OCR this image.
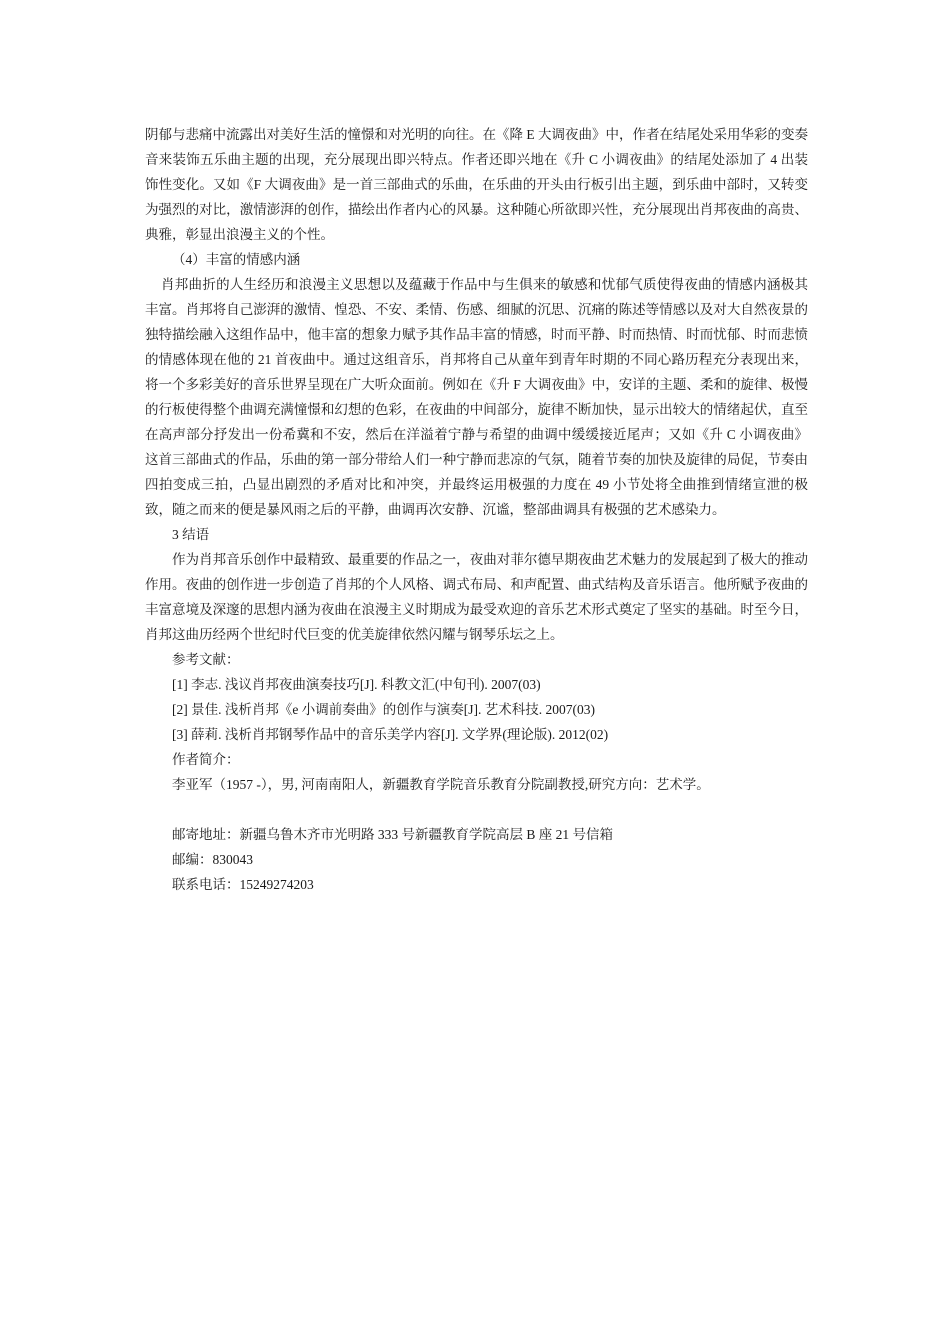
阴郁与悲痛中流露出对美好生活的憧憬和对光明的向往。在《降 E 大调夜曲》中，作者在结尾处采用华彩的变奏音来装饰五乐曲主题的出现，充分展现出即兴特点。作者还即兴地在《升 C 小调夜曲》的结尾处添加了 4 出装饰性变化。又如《F 大调夜曲》是一首三部曲式的乐曲，在乐曲的开头由行板引出主题，到乐曲中部时，又转变为强烈的对比，激情澎湃的创作，描绘出作者内心的风暴。这种随心所欲即兴性，充分展现出肖邦夜曲的高贵、典雅，彰显出浪漫主义的个性。

（4）丰富的情感内涵

肖邦曲折的人生经历和浪漫主义思想以及蕴藏于作品中与生俱来的敏感和忧郁气质使得夜曲的情感内涵极其丰富。肖邦将自己澎湃的激情、惶恐、不安、柔情、伤感、细腻的沉思、沉痛的陈述等情感以及对大自然夜景的独特描绘融入这组作品中，他丰富的想象力赋予其作品丰富的情感，时而平静、时而热情、时而忧郁、时而悲愤的情感体现在他的 21 首夜曲中。通过这组音乐，肖邦将自己从童年到青年时期的不同心路历程充分表现出来，将一个多彩美好的音乐世界呈现在广大听众面前。例如在《升 F 大调夜曲》中，安详的主题、柔和的旋律、极慢的行板使得整个曲调充满憧憬和幻想的色彩，在夜曲的中间部分，旋律不断加快，显示出较大的情绪起伏，直至在高声部分抒发出一份希冀和不安，然后在洋溢着宁静与希望的曲调中缓缓接近尾声；又如《升 C 小调夜曲》这首三部曲式的作品，乐曲的第一部分带给人们一种宁静而悲凉的气氛，随着节奏的加快及旋律的局促，节奏由四拍变成三拍，凸显出剧烈的矛盾对比和冲突，并最终运用极强的力度在 49 小节处将全曲推到情绪宣泄的极致，随之而来的便是暴风雨之后的平静，曲调再次安静、沉谧，整部曲调具有极强的艺术感染力。

3 结语

作为肖邦音乐创作中最精致、最重要的作品之一，夜曲对菲尔德早期夜曲艺术魅力的发展起到了极大的推动作用。夜曲的创作进一步创造了肖邦的个人风格、调式布局、和声配置、曲式结构及音乐语言。他所赋予夜曲的丰富意境及深邃的思想内涵为夜曲在浪漫主义时期成为最受欢迎的音乐艺术形式奠定了坚实的基础。时至今日，肖邦这曲历经两个世纪时代巨变的优美旋律依然闪耀与钢琴乐坛之上。

参考文献：

[1] 李志. 浅议肖邦夜曲演奏技巧[J]. 科教文汇(中旬刊). 2007(03)

[2] 景佳. 浅析肖邦《e 小调前奏曲》的创作与演奏[J]. 艺术科技. 2007(03)

[3] 薛莉. 浅析肖邦钢琴作品中的音乐美学内容[J]. 文学界(理论版). 2012(02)

作者简介：

李亚军（1957 -），男, 河南南阳人，新疆教育学院音乐教育分院副教授,研究方向：艺术学。

邮寄地址：新疆乌鲁木齐市光明路 333 号新疆教育学院高层 B 座 21 号信箱

邮编：830043

联系电话：15249274203
